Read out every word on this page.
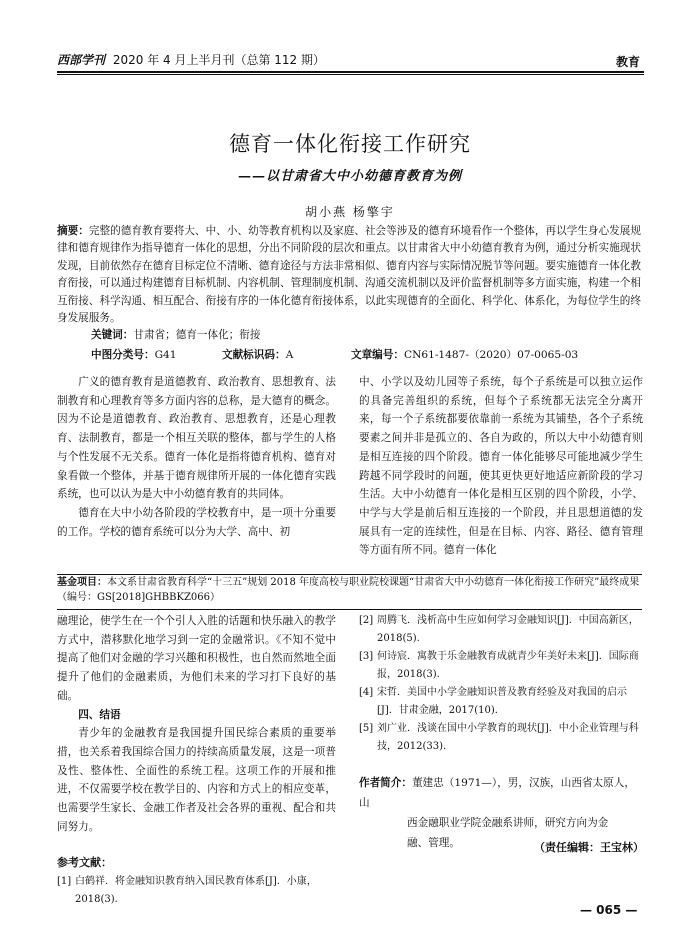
西部学刊 2020 年 4 月上半月刊（总第 112 期）	教育
德育一体化衔接工作研究
——以甘肃省大中小幼德育教育为例
胡小燕 杨擎宇
摘要：完整的德育教育要将大、中、小、幼等教育机构以及家庭、社会等涉及的德育环境看作一个整体，再以学生身心发展规律和德育规律作为指导德育一体化的思想，分出不同阶段的层次和重点。以甘肃省大中小幼德育教育为例，通过分析实施现状发现，目前依然存在德育目标定位不清晰、德育途径与方法非常相似、德育内容与实际情况脱节等问题。要实施德育一体化教育衔接，可以通过构建德育目标机制、内容机制、管理制度机制、沟通交流机制以及评价监督机制等多方面实施，构建一个相互衔接、科学沟通、相互配合、衔接有序的一体化德育衔接体系，以此实现德育的全面化、科学化、体系化，为每位学生的终身发展服务。
关键词：甘肃省；德育一体化；衔接
中图分类号：G41	文献标识码：A	文章编号：CN61-1487-（2020）07-0065-03

广义的德育教育是道德教育、政治教育、思想教育、法制教育和心理教育等多方面内容的总称，是大德育的概念。因为不论是道德教育、政治教育、思想教育，还是心理教育、法制教育，都是一个相互关联的整体，都与学生的人格与个性发展不无关系。德育一体化是指将德育机构、德育对象看做一个整体，并基于德育规律所开展的一体化德育实践系统，也可以认为是大中小幼德育教育的共同体。

德育在大中小幼各阶段的学校教育中，是一项十分重要的工作。学校的德育系统可以分为大学、高中、初

中、小学以及幼儿园等子系统，每个子系统是可以独立运作的具备完善组织的系统，但每个子系统都无法完全分离开来，每一个子系统都要依靠前一系统为其铺垫，各个子系统要素之间并非是孤立的、各自为政的，所以大中小幼德育则是相互连接的四个阶段。德育一体化能够尽可能地减少学生跨越不同学段时的问题，使其更快更好地适应新阶段的学习生活。大中小幼德育一体化是相互区别的四个阶段，小学、中学与大学是前后相互连接的一个阶段，并且思想道德的发展具有一定的连续性，但是在目标、内容、路径、德育管理等方面有所不同。德育一体化

基金项目：本文系甘肃省教育科学“十三五”规划 2018 年度高校与职业院校课题“甘肃省大中小幼德育一体化衔接工作研究”最终成果（编号：GS[2018]GHBBKZ066）

融理论，使学生在一个个引人入胜的话题和快乐融入的教学方式中，潜移默化地学习到一定的金融常识。《不知不觉中提高了他们对金融的学习兴趣和积极性，也自然而然地全面提升了他们的金融素质，为他们未来的学习打下良好的基础。

四、结语

青少年的金融教育是我国提升国民综合素质的重要举措，也关系着我国综合国力的持续高质量发展，这是一项普及性、整体性、全面性的系统工程。这项工作的开展和推进，不仅需要学校在教学目的、内容和方式上的相应变革，也需要学生家长、金融工作者及社会各界的重视、配合和共同努力。

参考文献：
[1] 白鹤祥．将金融知识教育纳入国民教育体系[J]．小康，2018(3).
[2] 周腾飞．浅析高中生应如何学习金融知识[J]．中国高新区，2018(5).
[3] 何诗宸．寓教于乐金融教育成就青少年美好未来[J]．国际商报，2018(3).
[4] 宋哲．美国中小学金融知识普及教育经验及对我国的启示[J]．甘肃金融，2017(10).
[5] 刘广业．浅谈在国中小学教育的现状[J]．中小企业管理与科技，2012(33).
作者简介：董建忠（1971—），男，汉族，山西省太原人，山
西金融职业学院金融系讲师，研究方向为金
融、管理。	（责任编辑：王宝林）
— 065 —
